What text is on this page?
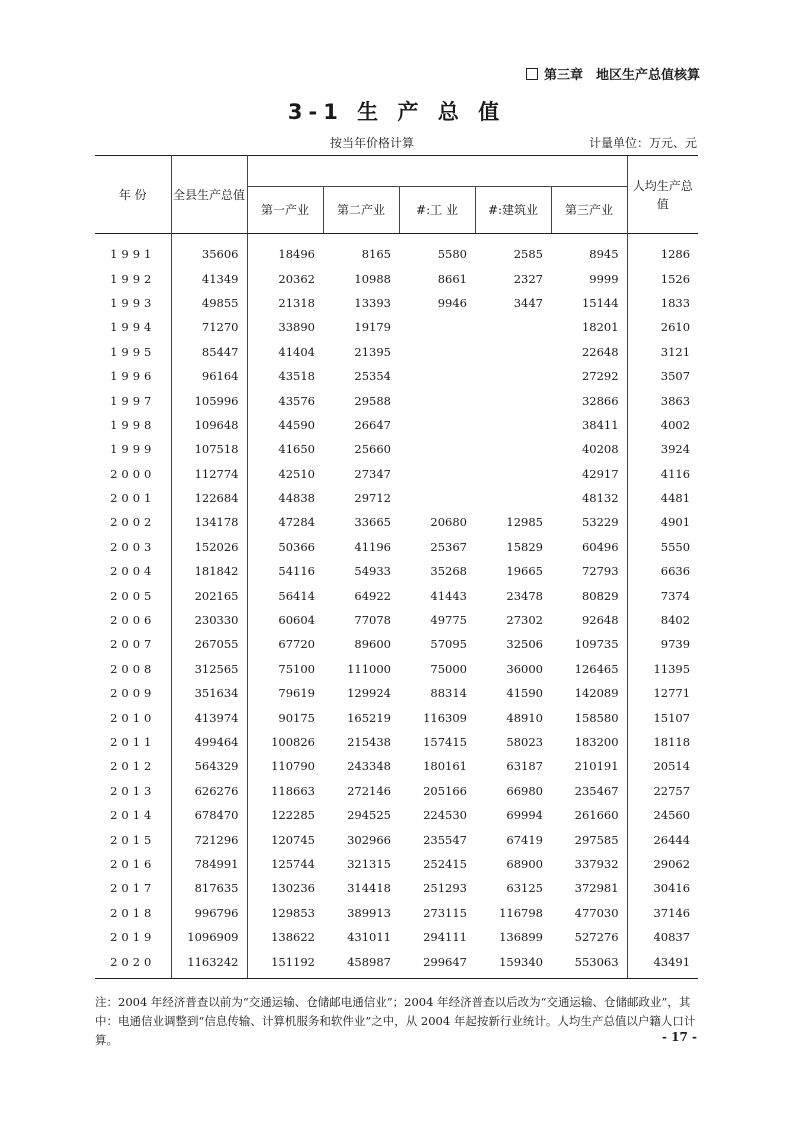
第三章　地区生产总值核算
3-1 生 产 总 值
按当年价格计算	计量单位：万元、元
年 份	全县生产总值						人均生产总值
		第一产业	第二产业	#:工 业	#:建筑业	第三产业	
1991	35606	18496	8165	5580	2585	8945	1286
1992	41349	20362	10988	8661	2327	9999	1526
1993	49855	21318	13393	9946	3447	15144	1833
1994	71270	33890	19179			18201	2610
1995	85447	41404	21395			22648	3121
1996	96164	43518	25354			27292	3507
1997	105996	43576	29588			32866	3863
1998	109648	44590	26647			38411	4002
1999	107518	41650	25660			40208	3924
2000	112774	42510	27347			42917	4116
2001	122684	44838	29712			48132	4481
2002	134178	47284	33665	20680	12985	53229	4901
2003	152026	50366	41196	25367	15829	60496	5550
2004	181842	54116	54933	35268	19665	72793	6636
2005	202165	56414	64922	41443	23478	80829	7374
2006	230330	60604	77078	49775	27302	92648	8402
2007	267055	67720	89600	57095	32506	109735	9739
2008	312565	75100	111000	75000	36000	126465	11395
2009	351634	79619	129924	88314	41590	142089	12771
2010	413974	90175	165219	116309	48910	158580	15107
2011	499464	100826	215438	157415	58023	183200	18118
2012	564329	110790	243348	180161	63187	210191	20514
2013	626276	118663	272146	205166	66980	235467	22757
2014	678470	122285	294525	224530	69994	261660	24560
2015	721296	120745	302966	235547	67419	297585	26444
2016	784991	125744	321315	252415	68900	337932	29062
2017	817635	130236	314418	251293	63125	372981	30416
2018	996796	129853	389913	273115	116798	477030	37146
2019	1096909	138622	431011	294111	136899	527276	40837
2020	1163242	151192	458987	299647	159340	553063	43491

注：2004 年经济普查以前为“交通运输、仓储邮电通信业”；2004 年经济普查以后改为“交通运输、仓储邮政业”，其

中：电通信业调整到“信息传输、计算机服务和软件业”之中，从 2004 年起按新行业统计。人均生产总值以户籍人口计算。	- 17 -
